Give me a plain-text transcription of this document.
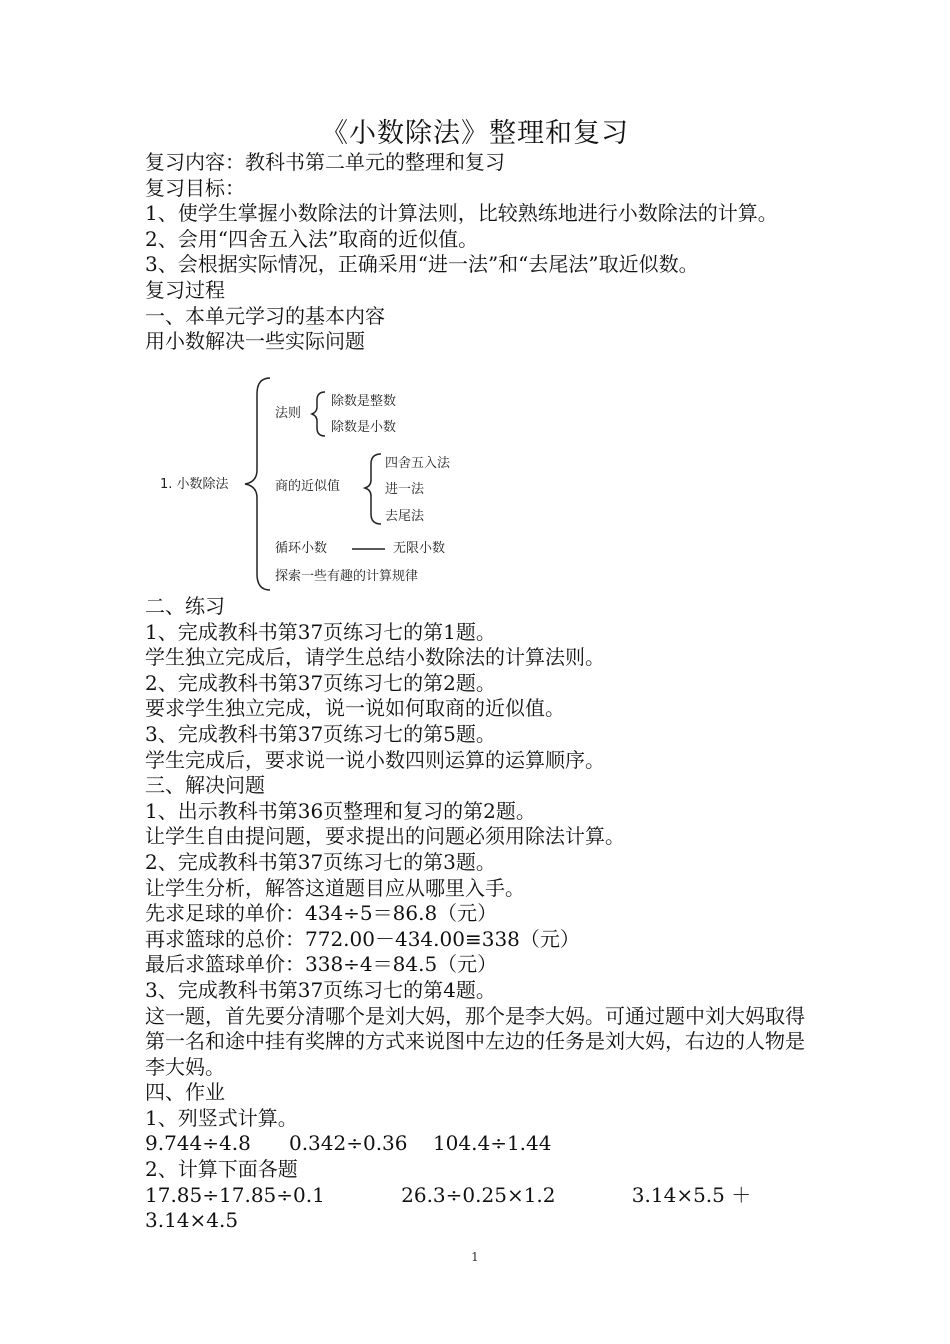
《小数除法》整理和复习
复习内容：教科书第二单元的整理和复习
复习目标：
1、使学生掌握小数除法的计算法则，比较熟练地进行小数除法的计算。
2、会用“四舍五入法”取商的近似值。
3、会根据实际情况，正确采用“进一法”和“去尾法”取近似数。
复习过程
一、本单元学习的基本内容
用小数解决一些实际问题
1. 小数除法
法则
除数是整数
除数是小数
商的近似值
四舍五入法
进一法
去尾法
循环小数	无限小数
探索一些有趣的计算规律
二、练习
1、完成教科书第37页练习七的第1题。
学生独立完成后，请学生总结小数除法的计算法则。
2、完成教科书第37页练习七的第2题。
要求学生独立完成，说一说如何取商的近似值。
3、完成教科书第37页练习七的第5题。
学生完成后，要求说一说小数四则运算的运算顺序。
三、解决问题
1、出示教科书第36页整理和复习的第2题。
让学生自由提问题，要求提出的问题必须用除法计算。
2、完成教科书第37页练习七的第3题。
让学生分析，解答这道题目应从哪里入手。
先求足球的单价：434÷5＝86.8（元）
再求篮球的总价：772.00－434.00≡338（元）
最后求篮球单价：338÷4＝84.5（元）
3、完成教科书第37页练习七的第4题。
这一题，首先要分清哪个是刘大妈，那个是李大妈。可通过题中刘大妈取得第一名和途中挂有奖牌的方式来说图中左边的任务是刘大妈，右边的人物是李大妈。
四、作业
1、列竖式计算。
9.744÷4.8      0.342÷0.36    104.4÷1.44
2、计算下面各题
17.85÷17.85÷0.1            26.3÷0.25×1.2            3.14×5.5 ＋
3.14×4.5
1
